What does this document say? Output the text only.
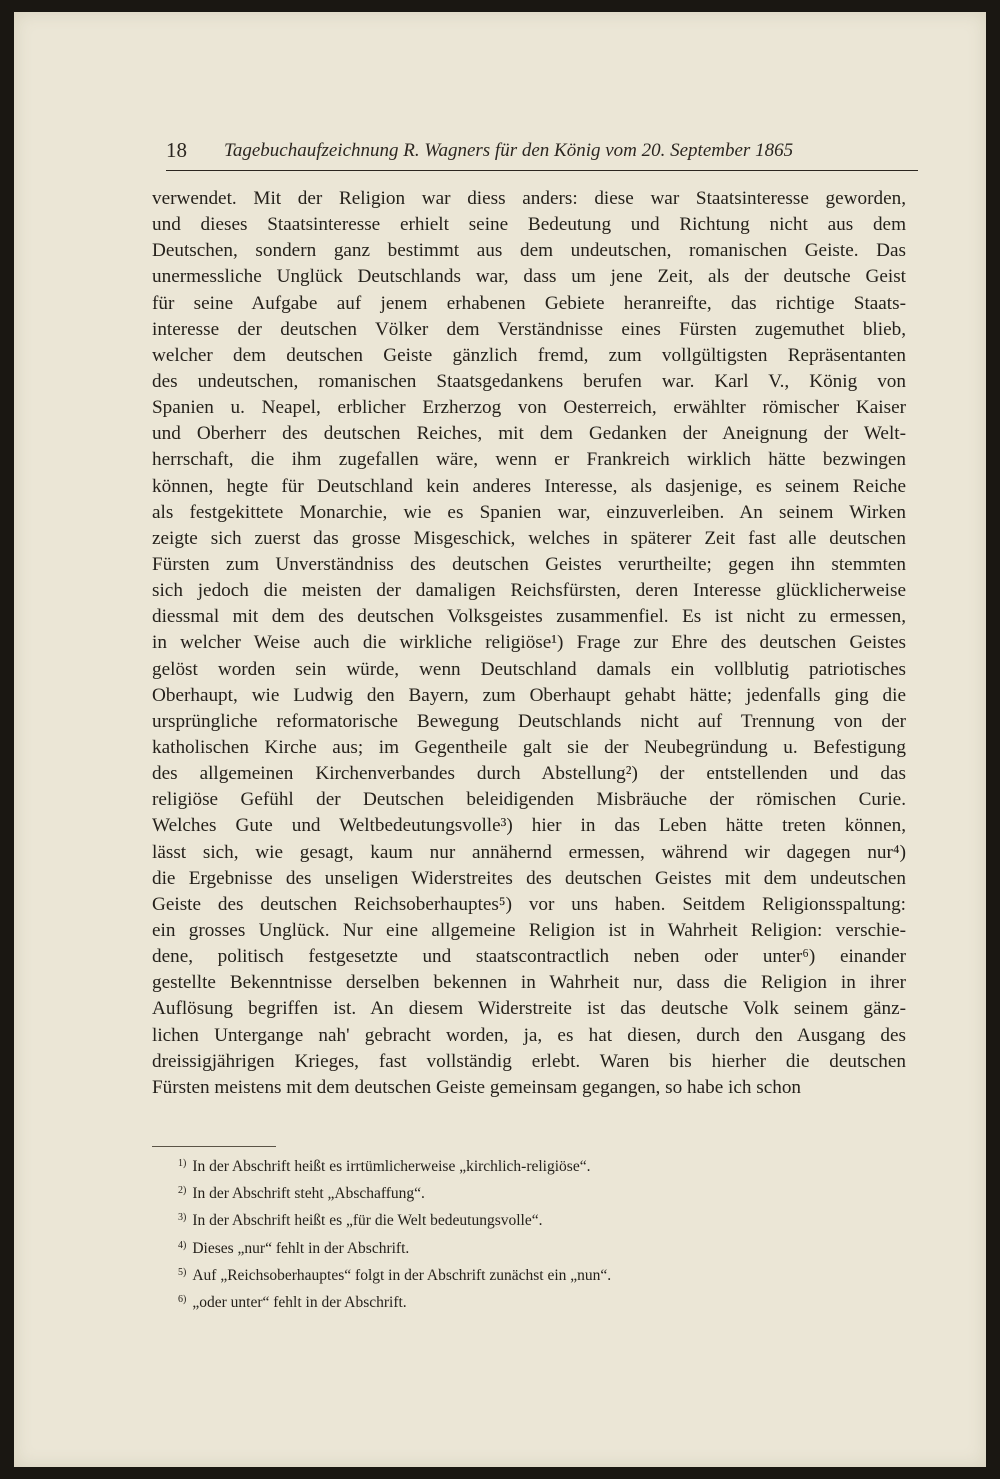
18 Tagebuchaufzeichnung R. Wagners für den König vom 20. September 1865
verwendet. Mit der Religion war diess anders: diese war Staatsinteresse geworden,
und dieses Staatsinteresse erhielt seine Bedeutung und Richtung nicht aus dem
Deutschen, sondern ganz bestimmt aus dem undeutschen, romanischen Geiste. Das
unermessliche Unglück Deutschlands war, dass um jene Zeit, als der deutsche Geist
für seine Aufgabe auf jenem erhabenen Gebiete heranreifte, das richtige Staats-
interesse der deutschen Völker dem Verständnisse eines Fürsten zugemuthet blieb,
welcher dem deutschen Geiste gänzlich fremd, zum vollgültigsten Repräsentanten
des undeutschen, romanischen Staatsgedankens berufen war. Karl V., König von
Spanien u. Neapel, erblicher Erzherzog von Oesterreich, erwählter römischer Kaiser
und Oberherr des deutschen Reiches, mit dem Gedanken der Aneignung der Welt-
herrschaft, die ihm zugefallen wäre, wenn er Frankreich wirklich hätte bezwingen
können, hegte für Deutschland kein anderes Interesse, als dasjenige, es seinem Reiche
als festgekittete Monarchie, wie es Spanien war, einzuverleiben. An seinem Wirken
zeigte sich zuerst das grosse Misgeschick, welches in späterer Zeit fast alle deutschen
Fürsten zum Unverständniss des deutschen Geistes verurtheilte; gegen ihn stemmten
sich jedoch die meisten der damaligen Reichsfürsten, deren Interesse glücklicherweise
diessmal mit dem des deutschen Volksgeistes zusammenfiel. Es ist nicht zu ermessen,
in welcher Weise auch die wirkliche religiöse¹) Frage zur Ehre des deutschen Geistes
gelöst worden sein würde, wenn Deutschland damals ein vollblutig patriotisches
Oberhaupt, wie Ludwig den Bayern, zum Oberhaupt gehabt hätte; jedenfalls ging die
ursprüngliche reformatorische Bewegung Deutschlands nicht auf Trennung von der
katholischen Kirche aus; im Gegentheile galt sie der Neubegründung u. Befestigung
des allgemeinen Kirchenverbandes durch Abstellung²) der entstellenden und das
religiöse Gefühl der Deutschen beleidigenden Misbräuche der römischen Curie.
Welches Gute und Weltbedeutungsvolle³) hier in das Leben hätte treten können,
lässt sich, wie gesagt, kaum nur annähernd ermessen, während wir dagegen nur⁴)
die Ergebnisse des unseligen Widerstreites des deutschen Geistes mit dem undeutschen
Geiste des deutschen Reichsoberhauptes⁵) vor uns haben. Seitdem Religionsspaltung:
ein grosses Unglück. Nur eine allgemeine Religion ist in Wahrheit Religion: verschie-
dene, politisch festgesetzte und staatscontractlich neben oder unter⁶) einander
gestellte Bekenntnisse derselben bekennen in Wahrheit nur, dass die Religion in ihrer
Auflösung begriffen ist. An diesem Widerstreite ist das deutsche Volk seinem gänz-
lichen Untergange nah' gebracht worden, ja, es hat diesen, durch den Ausgang des
dreissigjährigen Krieges, fast vollständig erlebt. Waren bis hierher die deutschen
Fürsten meistens mit dem deutschen Geiste gemeinsam gegangen, so habe ich schon
$^{1)}$ In der Abschrift heißt es irrtümlicherweise „kirchlich-religiöse“.
$^{2)}$ In der Abschrift steht „Abschaffung“.
$^{3)}$ In der Abschrift heißt es „für die Welt bedeutungsvolle“.
$^{4)}$ Dieses „nur“ fehlt in der Abschrift.
$^{5)}$ Auf „Reichsoberhauptes“ folgt in der Abschrift zunächst ein „nun“.
$^{6)}$ „oder unter“ fehlt in der Abschrift.
